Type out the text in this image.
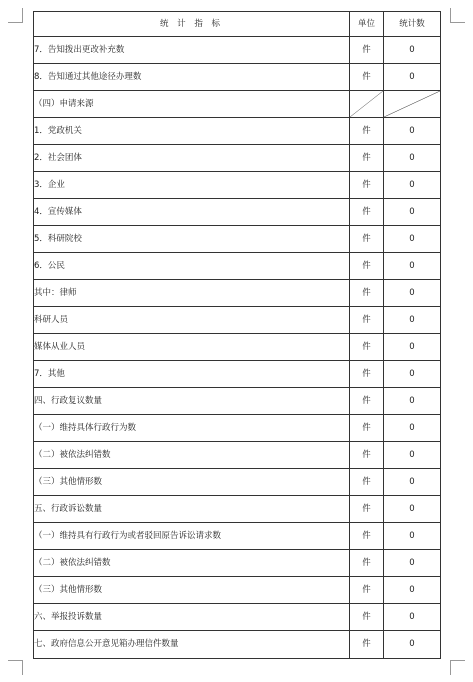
统 计 指 标	单位	统计数
7．告知拨出更改补充数	件	0
8．告知通过其他途径办理数	件	0
（四）申请来源	

1．党政机关	件	0
2．社会团体	件	0
3．企业	件	0
4．宣传媒体	件	0
5．科研院校	件	0
6．公民	件	0
其中：律师	件	0
科研人员	件	0
媒体从业人员	件	0
7．其他	件	0
四、行政复议数量	件	0
（一）维持具体行政行为数	件	0
（二）被依法纠错数	件	0
（三）其他情形数	件	0
五、行政诉讼数量	件	0
（一）维持具有行政行为或者驳回原告诉讼请求数	件	0
（二）被依法纠错数	件	0
（三）其他情形数	件	0
六、举报投诉数量	件	0
七、政府信息公开意见箱办理信件数量	件	0
